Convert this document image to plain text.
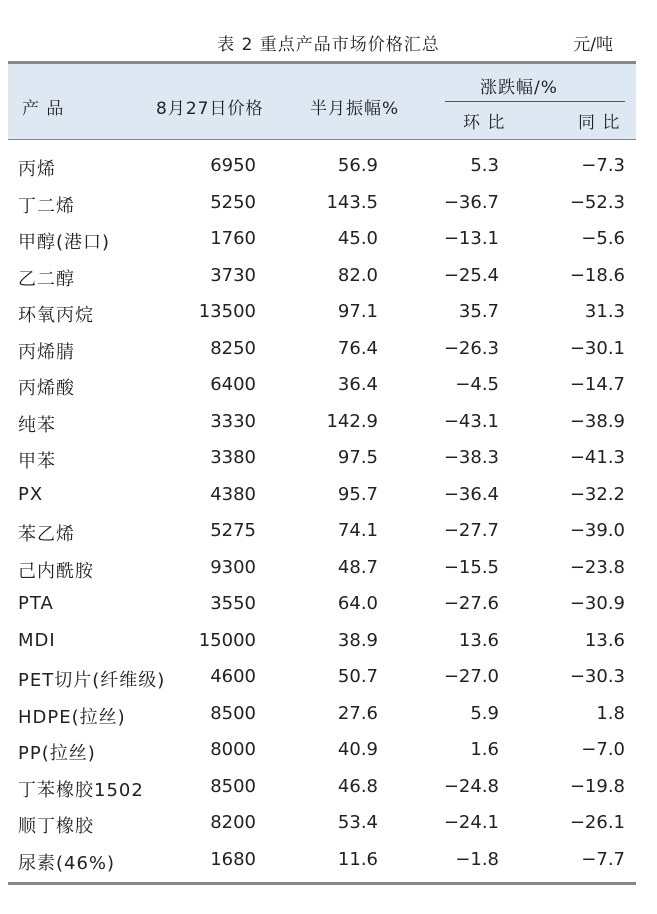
表 2 重点产品市场价格汇总	元/吨
产 品	8月27日价格	半月振幅%
涨跌幅/%
环 比	同 比
丙烯	6950	56.9	5.3	−7.3
丁二烯	5250	143.5	−36.7	−52.3
甲醇(港口)	1760	45.0	−13.1	−5.6
乙二醇	3730	82.0	−25.4	−18.6
环氧丙烷	13500	97.1	35.7	31.3
丙烯腈	8250	76.4	−26.3	−30.1
丙烯酸	6400	36.4	−4.5	−14.7
纯苯	3330	142.9	−43.1	−38.9
甲苯	3380	97.5	−38.3	−41.3
PX	4380	95.7	−36.4	−32.2
苯乙烯	5275	74.1	−27.7	−39.0
己内酰胺	9300	48.7	−15.5	−23.8
PTA	3550	64.0	−27.6	−30.9
MDI	15000	38.9	13.6	13.6
PET切片(纤维级) 4600	50.7	−27.0	−30.3
HDPE(拉丝)	8500	27.6	5.9	1.8
PP(拉丝)	8000	40.9	1.6	−7.0
丁苯橡胶1502	8500	46.8	−24.8	−19.8
顺丁橡胶	8200	53.4	−24.1	−26.1
尿素(46%)	1680	11.6	−1.8	−7.7
